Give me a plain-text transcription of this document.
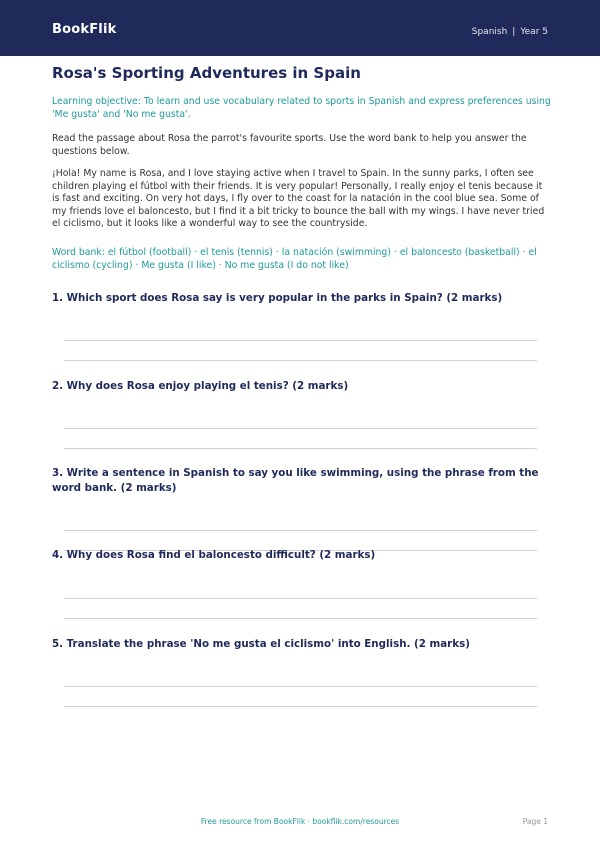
BookFlik	Spanish | Year 5
Rosa's Sporting Adventures in Spain

Learning objective: To learn and use vocabulary related to sports in Spanish and express preferences using 'Me gusta' and 'No me gusta'.

Read the passage about Rosa the parrot's favourite sports. Use the word bank to help you answer the questions below.

¡Hola! My name is Rosa, and I love staying active when I travel to Spain. In the sunny parks, I often see children playing el fútbol with their friends. It is very popular! Personally, I really enjoy el tenis because it is fast and exciting. On very hot days, I fly over to the coast for la natación in the cool blue sea. Some of my friends love el baloncesto, but I find it a bit tricky to bounce the ball with my wings. I have never tried el ciclismo, but it looks like a wonderful way to see the countryside.

Word bank: el fútbol (football) · el tenis (tennis) · la natación (swimming) · el baloncesto (basketball) · el ciclismo (cycling) · Me gusta (I like) · No me gusta (I do not like)

1. Which sport does Rosa say is very popular in the parks in Spain? (2 marks)

2. Why does Rosa enjoy playing el tenis? (2 marks)

3. Write a sentence in Spanish to say you like swimming, using the phrase from the word bank. (2 marks)

4. Why does Rosa find el baloncesto difficult? (2 marks)

5. Translate the phrase 'No me gusta el ciclismo' into English. (2 marks)

Free resource from BookFlik · bookflik.com/resources	Page 1
